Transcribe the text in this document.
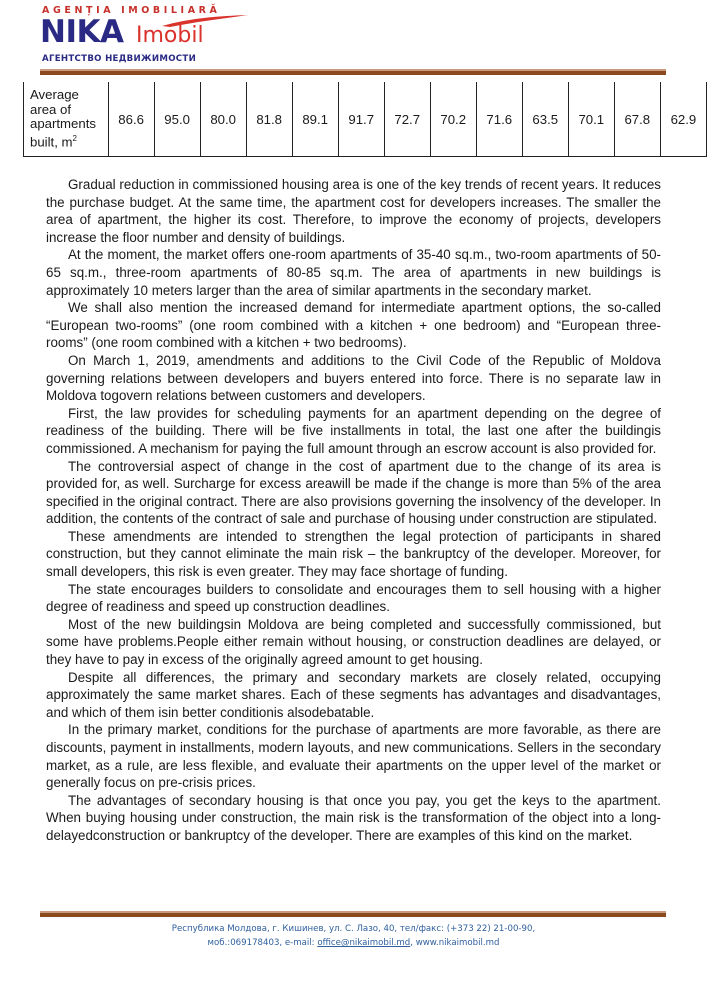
AGENȚIA IMOBILIARĂ
NIKA Imobil
АГЕНТСТВО НЕДВИЖИМОСТИ
Average area of apartments built, $m^2$	86.6	95.0	80.0	81.8	89.1	91.7	72.7	70.2	71.6	63.5	70.1	67.8	62.9

Gradual reduction in commissioned housing area is one of the key trends of recent years. It reduces the purchase budget. At the same time, the apartment cost for developers increases. The smaller the area of apartment, the higher its cost. Therefore, to improve the economy of projects, developers increase the floor number and density of buildings.

At the moment, the market offers one-room apartments of 35-40 sq.m., two-room apartments of 50-65 sq.m., three-room apartments of 80-85 sq.m. The area of apartments in new buildings is approximately 10 meters larger than the area of similar apartments in the secondary market.

We shall also mention the increased demand for intermediate apartment options, the so-called “European two-rooms” (one room combined with a kitchen + one bedroom) and “European three-rooms” (one room combined with a kitchen + two bedrooms).

On March 1, 2019, amendments and additions to the Civil Code of the Republic of Moldova governing relations between developers and buyers entered into force. There is no separate law in Moldova togovern relations between customers and developers.

First, the law provides for scheduling payments for an apartment depending on the degree of readiness of the building. There will be five installments in total, the last one after the buildingis commissioned. A mechanism for paying the full amount through an escrow account is also provided for.

The controversial aspect of change in the cost of apartment due to the change of its area is provided for, as well. Surcharge for excess areawill be made if the change is more than 5% of the area specified in the original contract. There are also provisions governing the insolvency of the developer. In addition, the contents of the contract of sale and purchase of housing under construction are stipulated.

These amendments are intended to strengthen the legal protection of participants in shared construction, but they cannot eliminate the main risk – the bankruptcy of the developer. Moreover, for small developers, this risk is even greater. They may face shortage of funding.

The state encourages builders to consolidate and encourages them to sell housing with a higher degree of readiness and speed up construction deadlines.

Most of the new buildingsin Moldova are being completed and successfully commissioned, but some have problems.People either remain without housing, or construction deadlines are delayed, or they have to pay in excess of the originally agreed amount to get housing.

Despite all differences, the primary and secondary markets are closely related, occupying approximately the same market shares. Each of these segments has advantages and disadvantages, and which of them isin better conditionis alsodebatable.

In the primary market, conditions for the purchase of apartments are more favorable, as there are discounts, payment in installments, modern layouts, and new communications. Sellers in the secondary market, as a rule, are less flexible, and evaluate their apartments on the upper level of the market or generally focus on pre-crisis prices.

The advantages of secondary housing is that once you pay, you get the keys to the apartment. When buying housing under construction, the main risk is the transformation of the object into a long-delayedconstruction or bankruptcy of the developer. There are examples of this kind on the market.

Республика Молдова, г. Кишинев, ул. С. Лазо, 40, тел/факс: (+373 22) 21-00-90,
моб.:069178403, e-mail: office@nikaimobil.md, www.nikaimobil.md
